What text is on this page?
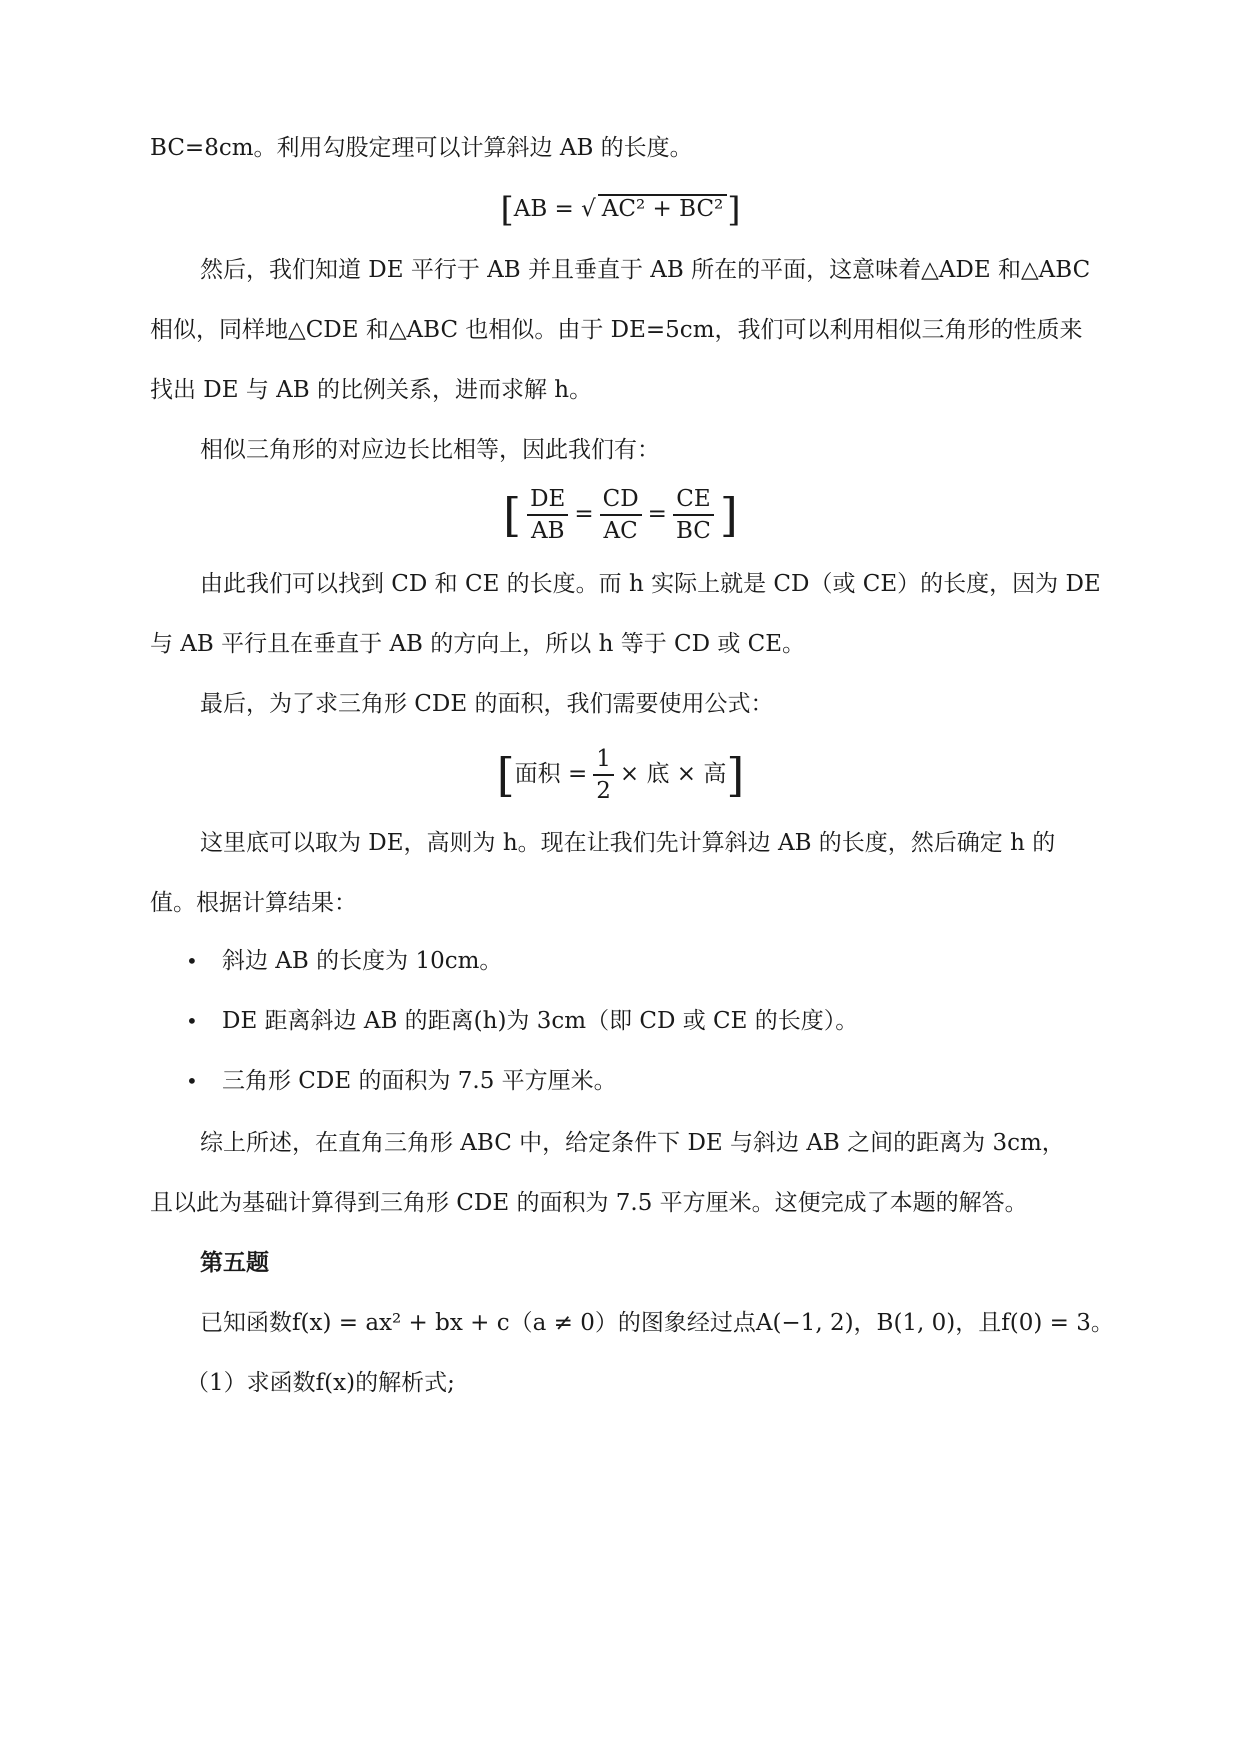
BC=8cm。利用勾股定理可以计算斜边 AB 的长度。
[AB = √ AC² + BC² ]
然后，我们知道 DE 平行于 AB 并且垂直于 AB 所在的平面，这意味着△ADE 和△ABC
相似，同样地△CDE 和△ABC 也相似。由于 DE=5cm，我们可以利用相似三角形的性质来
找出 DE 与 AB 的比例关系，进而求解 h。
相似三角形的对应边长比相等，因此我们有：
[ $\frac{DE}{AB} = \frac{CD}{AC} = \frac{CE}{BC}$ ]
由此我们可以找到 CD 和 CE 的长度。而 h 实际上就是 CD（或 CE）的长度，因为 DE
与 AB 平行且在垂直于 AB 的方向上，所以 h 等于 CD 或 CE。
最后，为了求三角形 CDE 的面积，我们需要使用公式：
[面积 = $\frac{1}{2}$ × 底 × 高]
这里底可以取为 DE，高则为 h。现在让我们先计算斜边 AB 的长度，然后确定 h 的
值。根据计算结果：
• 斜边 AB 的长度为 10cm。
• DE 距离斜边 AB 的距离(h)为 3cm（即 CD 或 CE 的长度）。
• 三角形 CDE 的面积为 7.5 平方厘米。
综上所述，在直角三角形 ABC 中，给定条件下 DE 与斜边 AB 之间的距离为 3cm，
且以此为基础计算得到三角形 CDE 的面积为 7.5 平方厘米。这便完成了本题的解答。
第五题
已知函数f(x) = ax² + bx + c（a ≠ 0）的图象经过点A(−1, 2)，B(1, 0)，且f(0) = 3。
（1）求函数f(x)的解析式;
